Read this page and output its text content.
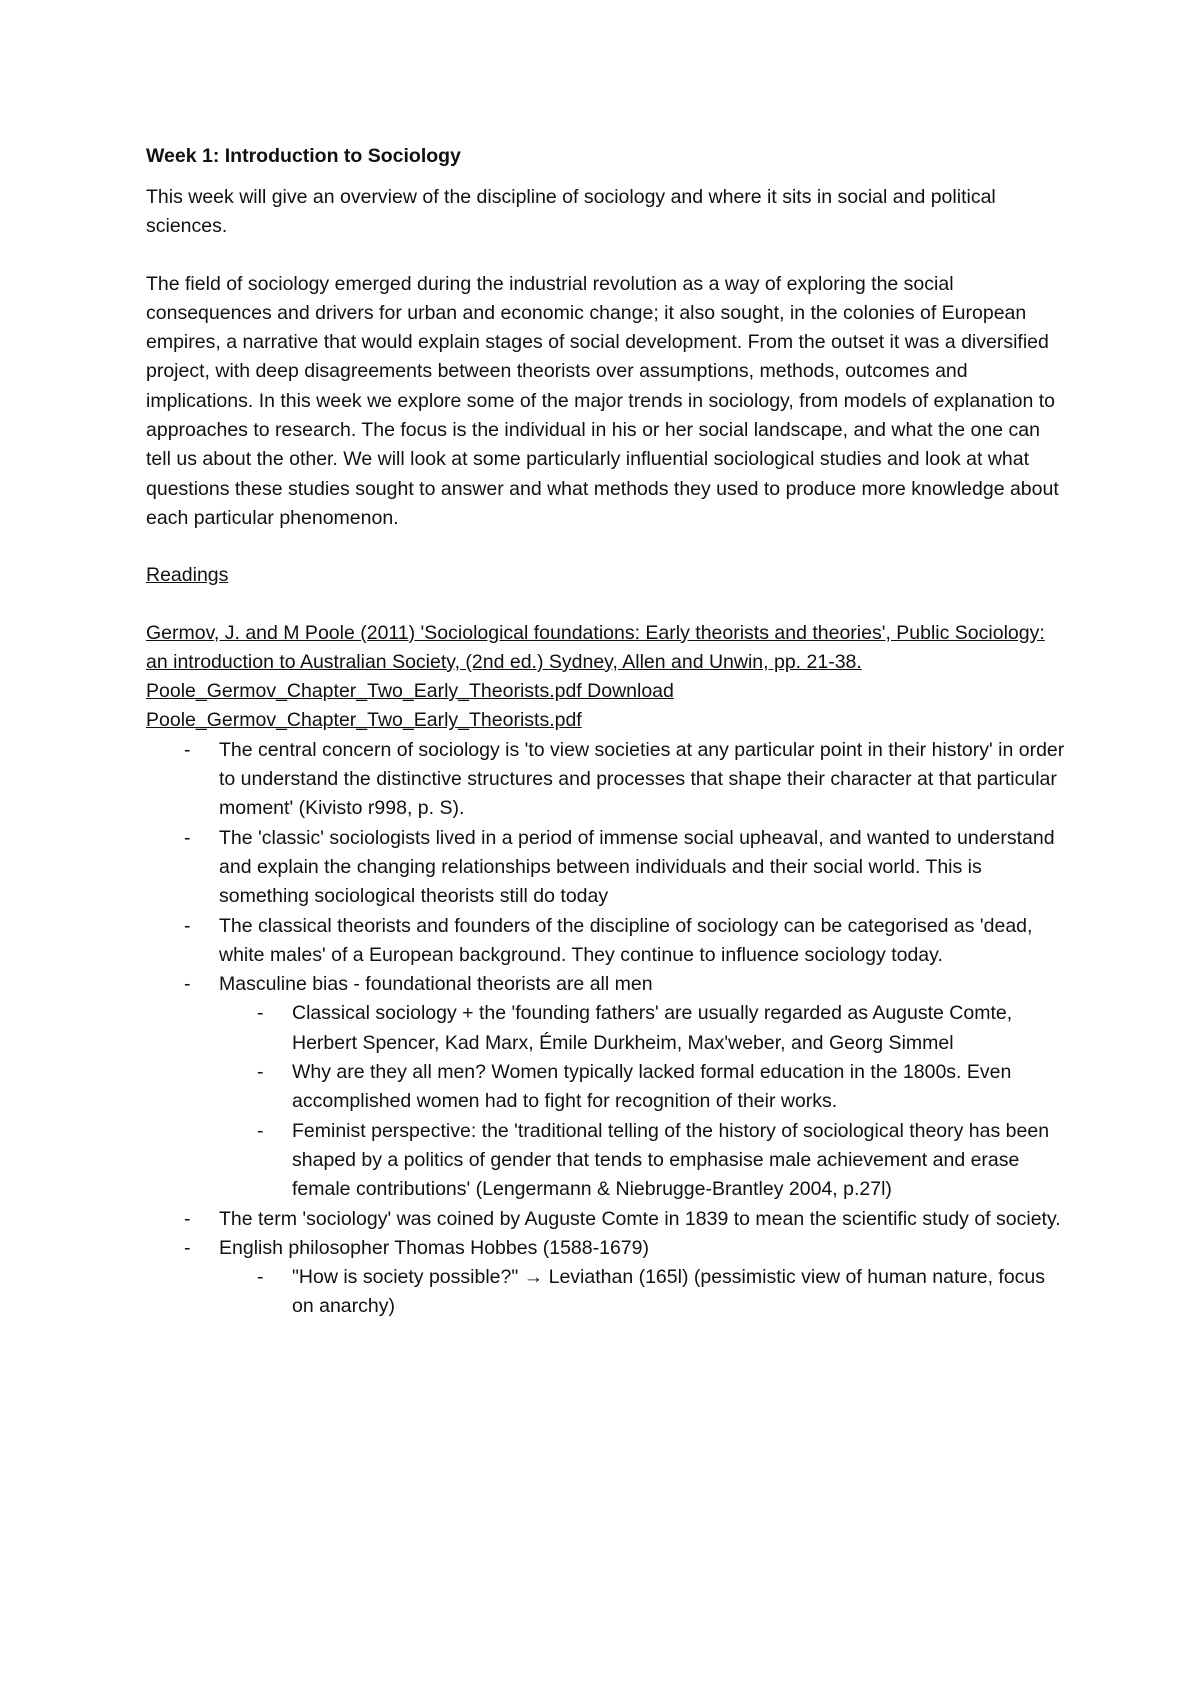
Week 1: Introduction to Sociology

This week will give an overview of the discipline of sociology and where it sits in social and political sciences.

The field of sociology emerged during the industrial revolution as a way of exploring the social consequences and drivers for urban and economic change; it also sought, in the colonies of European empires, a narrative that would explain stages of social development. From the outset it was a diversified project, with deep disagreements between theorists over assumptions, methods, outcomes and implications. In this week we explore some of the major trends in sociology, from models of explanation to approaches to research. The focus is the individual in his or her social landscape, and what the one can tell us about the other. We will look at some particularly influential sociological studies and look at what questions these studies sought to answer and what methods they used to produce more knowledge about each particular phenomenon.

Readings

Germov, J. and M Poole (2011) 'Sociological foundations: Early theorists and theories', Public Sociology: an introduction to Australian Society, (2nd ed.) Sydney, Allen and Unwin, pp. 21-38. Poole_Germov_Chapter_Two_Early_Theorists.pdf Download Poole_Germov_Chapter_Two_Early_Theorists.pdf

- The central concern of sociology is 'to view societies at any particular point in their history' in order to understand the distinctive structures and processes that shape their character at that particular moment' (Kivisto r998, p. S).
- The 'classic' sociologists lived in a period of immense social upheaval, and wanted to understand and explain the changing relationships between individuals and their social world. This is something sociological theorists still do today
- The classical theorists and founders of the discipline of sociology can be categorised as 'dead, white males' of a European background. They continue to influence sociology today.
- Masculine bias - foundational theorists are all men
- Classical sociology + the 'founding fathers' are usually regarded as Auguste Comte, Herbert Spencer, Kad Marx, Émile Durkheim, Max'weber, and Georg Simmel
- Why are they all men? Women typically lacked formal education in the 1800s. Even accomplished women had to fight for recognition of their works.
- Feminist perspective: the 'traditional telling of the history of sociological theory has been shaped by a politics of gender that tends to emphasise male achievement and erase female contributions' (Lengermann & Niebrugge-Brantley 2004, p.27l)
- The term 'sociology' was coined by Auguste Comte in 1839 to mean the scientific study of society.
- English philosopher Thomas Hobbes (1588-1679)
- "How is society possible?" → Leviathan (165l) (pessimistic view of human nature, focus on anarchy)
